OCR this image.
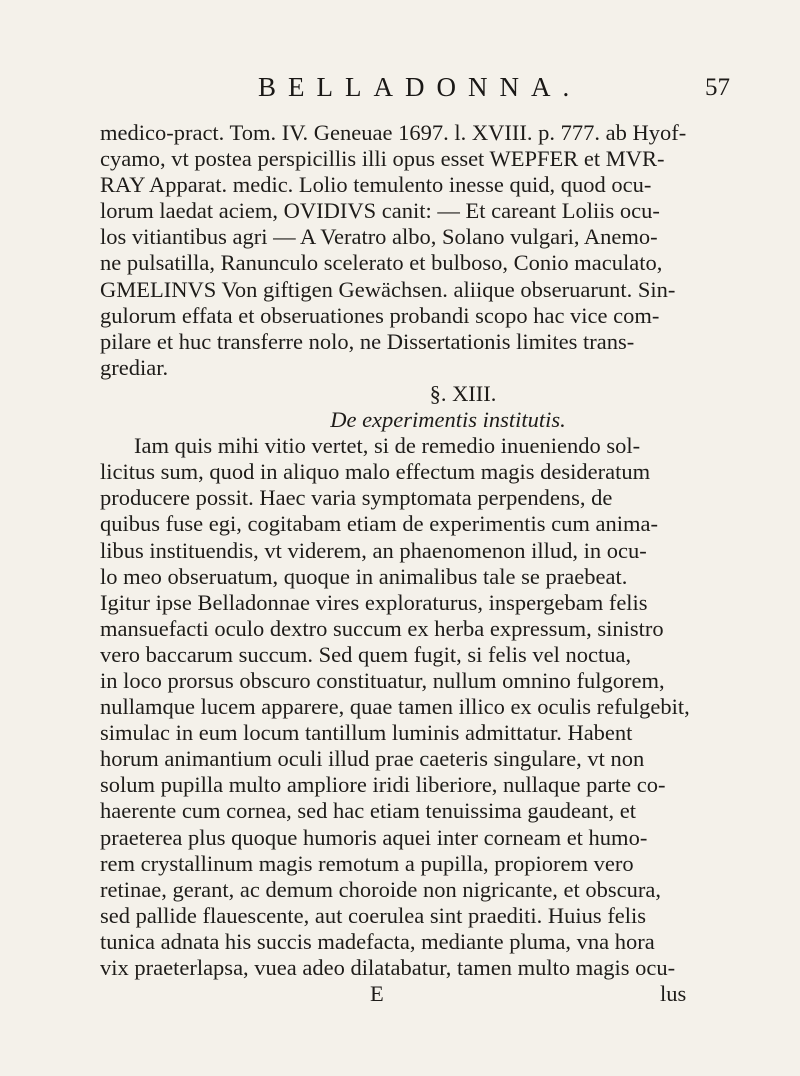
BELLADONNA.	57
medico-pract. Tom. IV. Geneuae 1697. l. XVIII. p. 777. ab Hyof-
cyamo, vt postea perspicillis illi opus esset WEPFER et MVR-
RAY Apparat. medic. Lolio temulento inesse quid, quod ocu-
lorum laedat aciem, OVIDIVS canit: — Et careant Loliis ocu-
los vitiantibus agri — A Veratro albo, Solano vulgari, Anemo-
ne pulsatilla, Ranunculo scelerato et bulboso, Conio maculato,
GMELINVS Von giftigen Gewächsen. aliique obseruarunt. Sin-
gulorum effata et obseruationes probandi scopo hac vice com-
pilare et huc transferre nolo, ne Dissertationis limites trans-
grediar.
§. XIII.
De experimentis institutis.
Iam quis mihi vitio vertet, si de remedio inueniendo sol-
licitus sum, quod in aliquo malo effectum magis desideratum
producere possit. Haec varia symptomata perpendens, de
quibus fuse egi, cogitabam etiam de experimentis cum anima-
libus instituendis, vt viderem, an phaenomenon illud, in ocu-
lo meo obseruatum, quoque in animalibus tale se praebeat.
Igitur ipse Belladonnae vires exploraturus, inspergebam felis
mansuefacti oculo dextro succum ex herba expressum, sinistro
vero baccarum succum. Sed quem fugit, si felis vel noctua,
in loco prorsus obscuro constituatur, nullum omnino fulgorem,
nullamque lucem apparere, quae tamen illico ex oculis refulgebit,
simulac in eum locum tantillum luminis admittatur. Habent
horum animantium oculi illud prae caeteris singulare, vt non
solum pupilla multo ampliore iridi liberiore, nullaque parte co-
haerente cum cornea, sed hac etiam tenuissima gaudeant, et
praeterea plus quoque humoris aquei inter corneam et humo-
rem crystallinum magis remotum a pupilla, propiorem vero
retinae, gerant, ac demum choroide non nigricante, et obscura,
sed pallide flauescente, aut coerulea sint praediti. Huius felis
tunica adnata his succis madefacta, mediante pluma, vna hora
vix praeterlapsa, vuea adeo dilatabatur, tamen multo magis ocu-
E	lus
